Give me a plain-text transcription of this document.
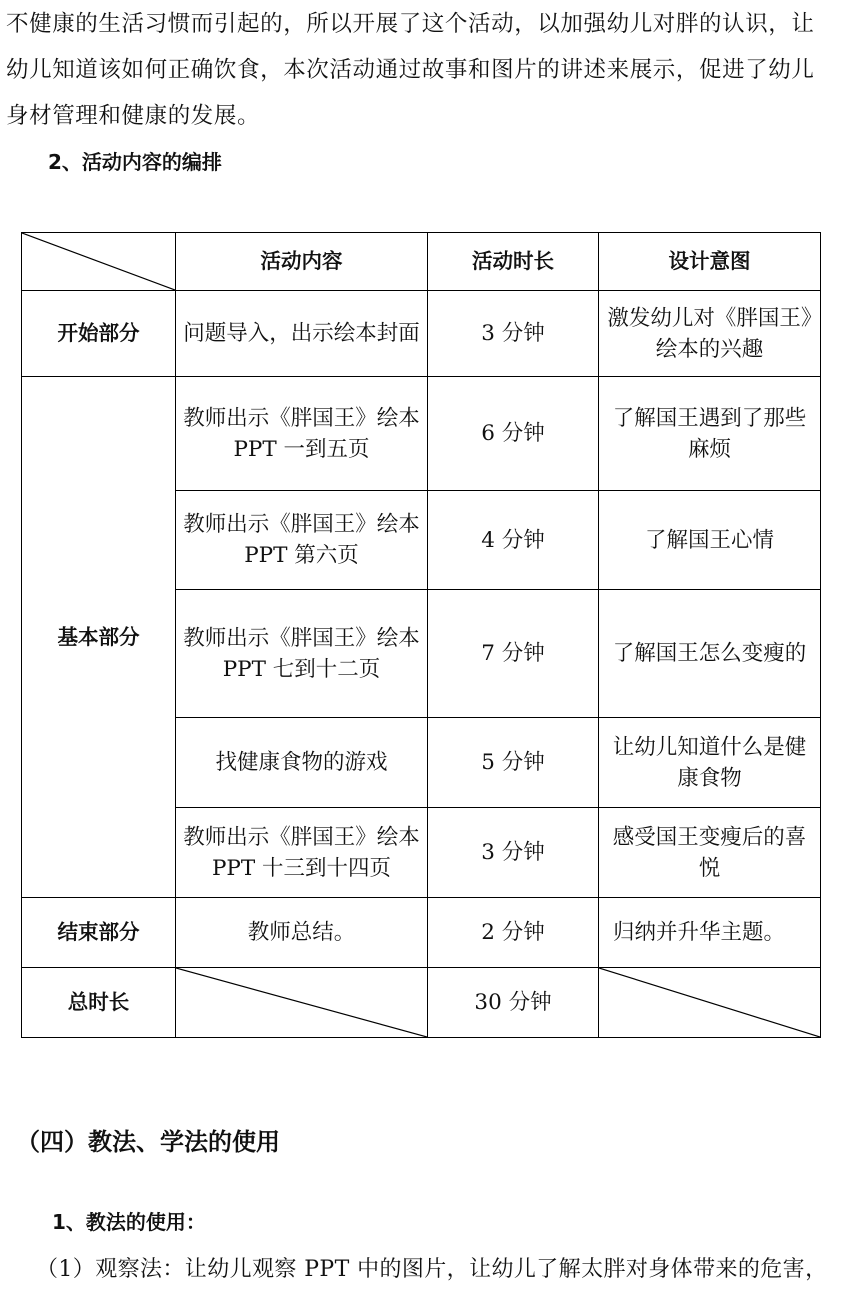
不健康的生活习惯而引起的，所以开展了这个活动，以加强幼儿对胖的认识，让
幼儿知道该如何正确饮食，本次活动通过故事和图片的讲述来展示，促进了幼儿
身材管理和健康的发展。
2、活动内容的编排
	活动内容	活动时长	设计意图
开始部分	问题导入，出示绘本封面	3 分钟	激发幼儿对《胖国王》绘本的兴趣
基本部分	教师出示《胖国王》绘本 PPT 一到五页	6 分钟	了解国王遇到了那些麻烦
	教师出示《胖国王》绘本 PPT 第六页	4 分钟	了解国王心情
	教师出示《胖国王》绘本 PPT 七到十二页	7 分钟	了解国王怎么变瘦的
	找健康食物的游戏	5 分钟	让幼儿知道什么是健康食物
	教师出示《胖国王》绘本 PPT 十三到十四页	3 分钟	感受国王变瘦后的喜悦
结束部分	教师总结。	2 分钟	归纳并升华主题。
总时长		30 分钟	
（四）教法、学法的使用
1、教法的使用：
（1）观察法：让幼儿观察 PPT 中的图片，让幼儿了解太胖对身体带来的危害，
